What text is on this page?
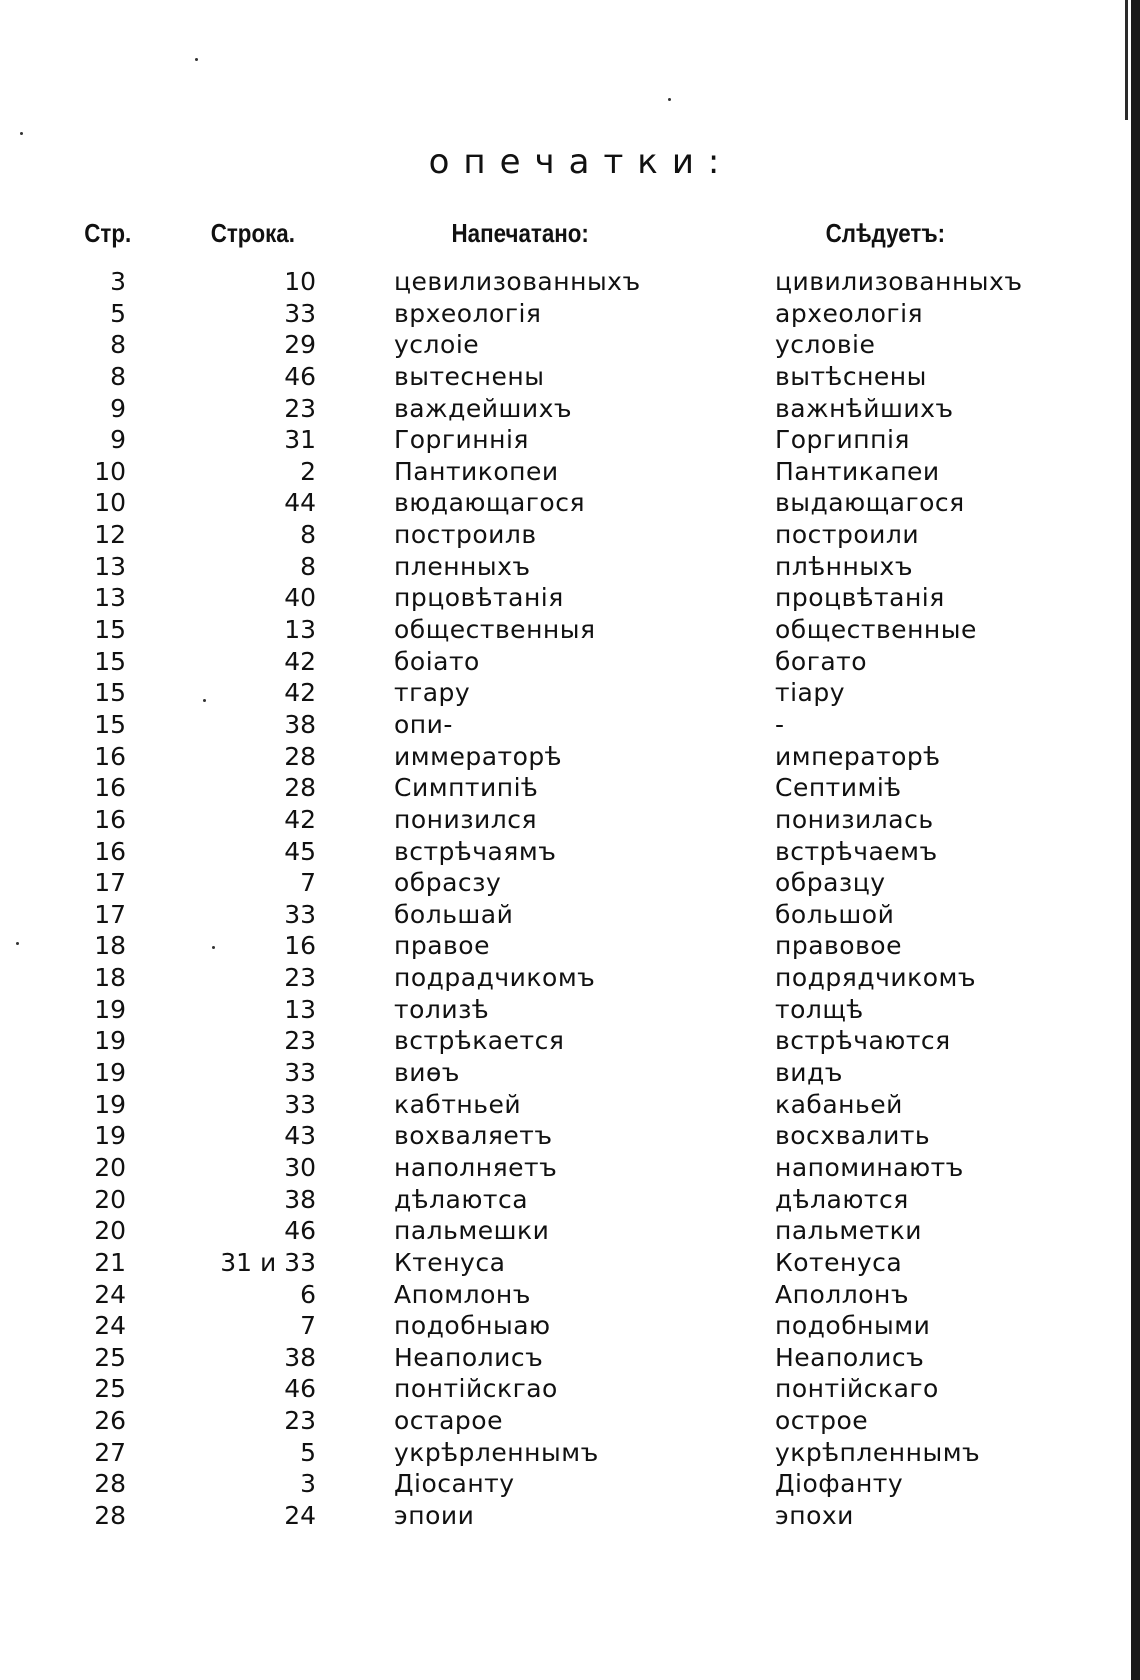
опечатки:
Стр.	Строка.	Напечатано:	Слѣдуетъ:
3	10	цевилизованныхъ	цивилизованныхъ
5	33	врхеологія	археологія
8	29	услоіе	условіе
8	46	вытеснены	вытѣснены
9	23	важдейшихъ	важнѣйшихъ
9	31	Горгиннія	Горгиппія
10	2	Пантикопеи	Пантикапеи
10	44	вюдающагося	выдающагося
12	8	построилв	построили
13	8	пленныхъ	плѣнныхъ
13	40	прцовѣтанія	процвѣтанія
15	13	общественныя	общественные
15	42	боіато	богато
15	42	тгару	тіару
15	38	опи-	-
16	28	иммераторѣ	императорѣ
16	28	Симптипіѣ	Септимiѣ
16	42	понизился	понизилась
16	45	встрѣчаямъ	встрѣчаемъ
17	7	обрасзу	образцу
17	33	большай	большой
18	16	правое	правовое
18	23	подрадчикомъ	подрядчикомъ
19	13	толизѣ	толщѣ
19	23	встрѣкается	встрѣчаются
19	33	виѳъ	видъ
19	33	кабтньей	кабаньей
19	43	вохваляетъ	восхвалить
20	30	наполняетъ	напоминаютъ
20	38	дѣлаютса	дѣлаются
20	46	пальмешки	пальметки
21	31 и 33	Ктенуса	Котенуса
24	6	Апомлонъ	Аполлонъ
24	7	подобныаю	подобными
25	38	Неаполисъ	Неаполисъ
25	46	понтійскгао	понтійскаго
26	23	остарое	острое
27	5	укрѣрленнымъ	укрѣпленнымъ
28	3	Діосанту	Діофанту
28	24	эпоии	эпохи
